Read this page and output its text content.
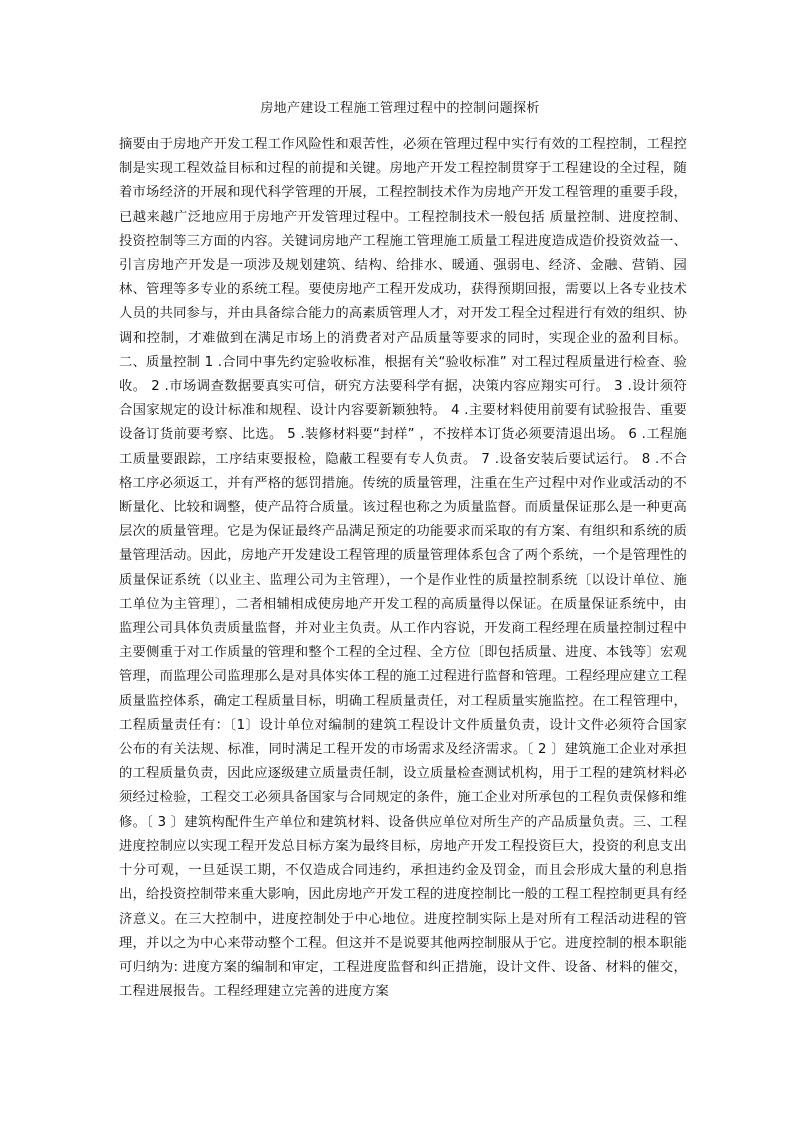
房地产建设工程施工管理过程中的控制问题探析

摘要由于房地产开发工程工作风险性和艰苦性，必须在管理过程中实行有效的工程控制，工程控制是实现工程效益目标和过程的前提和关键。房地产开发工程控制贯穿于工程建设的全过程，随着市场经济的开展和现代科学管理的开展，工程控制技术作为房地产开发工程管理的重要手段，已越来越广泛地应用于房地产开发管理过程中。工程控制技术一般包括 质量控制、进度控制、投资控制等三方面的内容。关键词房地产工程施工管理施工质量工程进度造成造价投资效益一、引言房地产开发是一项涉及规划建筑、结构、给排水、暖通、强弱电、经济、金融、营销、园林、管理等多专业的系统工程。要使房地产工程开发成功，获得预期回报，需要以上各专业技术人员的共同参与，并由具备综合能力的高素质管理人才，对开发工程全过程进行有效的组织、协调和控制，才难做到在满足市场上的消费者对产品质量等要求的同时，实现企业的盈利目标。二、质量控制 1 .合同中事先约定验收标准，根据有关“验收标准” 对工程过程质量进行检查、验收。 2 .市场调查数据要真实可信，研究方法要科学有据，决策内容应翔实可行。 3 .设计须符合国家规定的设计标准和规程、设计内容要新颖独特。 4 .主要材料使用前要有试验报告、重要设备订货前要考察、比选。 5 .装修材料要“封样” ，不按样本订货必须要清退出场。 6 .工程施工质量要跟踪，工序结束要报检，隐蔽工程要有专人负责。 7 .设备安装后要试运行。 8 .不合格工序必须返工，并有严格的惩罚措施。传统的质量管理，注重在生产过程中对作业或活动的不断量化、比较和调整，使产品符合质量。该过程也称之为质量监督。而质量保证那么是一种更高层次的质量管理。它是为保证最终产品满足预定的功能要求而采取的有方案、有组织和系统的质量管理活动。因此，房地产开发建设工程管理的质量管理体系包含了两个系统，一个是管理性的质量保证系统（以业主、监理公司为主管理），一个是作业性的质量控制系统〔以设计单位、施工单位为主管理〕，二者相辅相成使房地产开发工程的高质量得以保证。在质量保证系统中，由监理公司具体负责质量监督，并对业主负责。从工作内容说，开发商工程经理在质量控制过程中主要侧重于对工作质量的管理和整个工程的全过程、全方位〔即包括质量、进度、本钱等〕宏观管理，而监理公司监理那么是对具体实体工程的施工过程进行监督和管理。工程经理应建立工程质量监控体系，确定工程质量目标，明确工程质量责任，对工程质量实施监控。在工程管理中，工程质量责任有：〔1〕设计单位对编制的建筑工程设计文件质量负责，设计文件必须符合国家公布的有关法规、标准，同时满足工程开发的市场需求及经济需求。〔 2 〕建筑施工企业对承担的工程质量负责，因此应逐级建立质量责任制，设立质量检查测试机构，用于工程的建筑材料必须经过检验，工程交工必须具备国家与合同规定的条件，施工企业对所承包的工程负责保修和维修。〔 3 〕建筑构配件生产单位和建筑材料、设备供应单位对所生产的产品质量负责。三、工程进度控制应以实现工程开发总目标方案为最终目标，房地产开发工程投资巨大，投资的利息支出十分可观，一旦延误工期，不仅造成合同违约，承担违约金及罚金，而且会形成大量的利息指出，给投资控制带来重大影响，因此房地产开发工程的进度控制比一般的工程工程控制更具有经济意义。在三大控制中，进度控制处于中心地位。进度控制实际上是对所有工程活动进程的管理，并以之为中心来带动整个工程。但这并不是说要其他两控制服从于它。进度控制的根本职能可归纳为: 进度方案的编制和审定，工程进度监督和纠正措施，设计文件、设备、材料的催交，工程进展报告。工程经理建立完善的进度方案
